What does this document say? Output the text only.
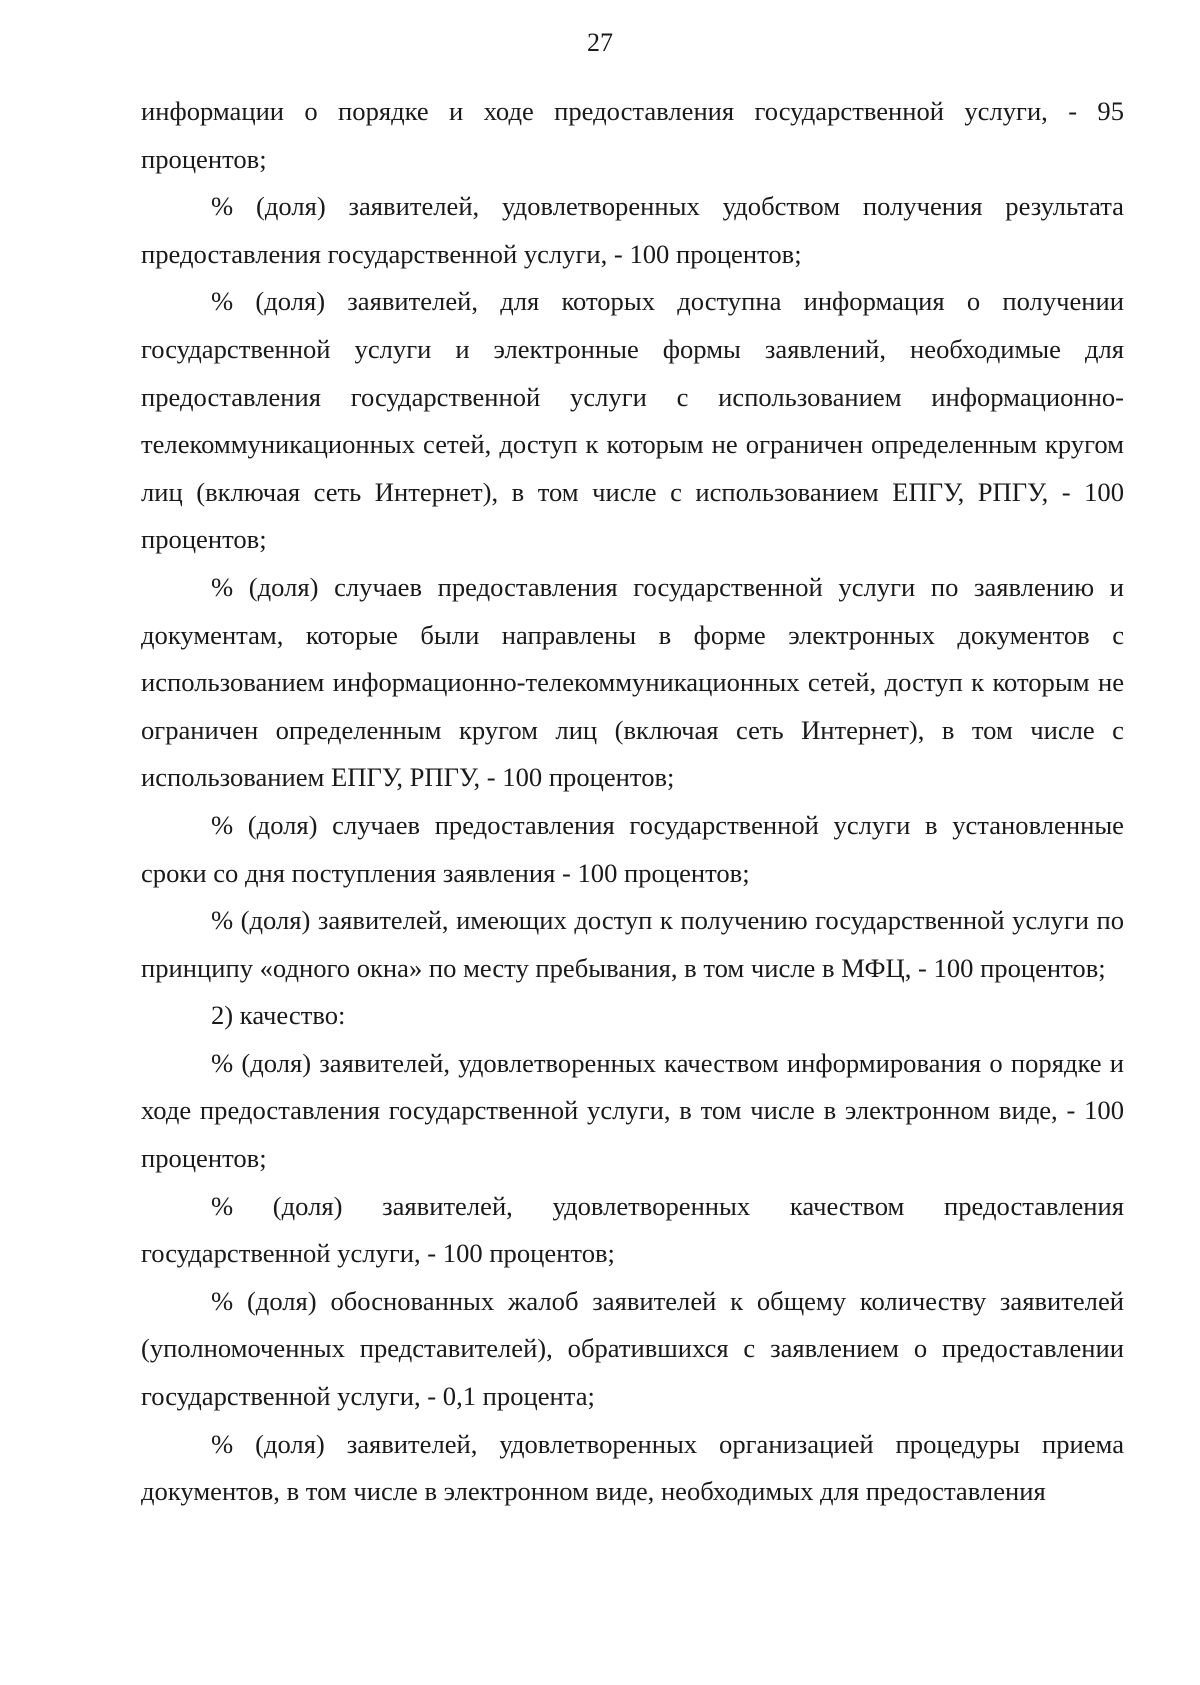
27

информации о порядке и ходе предоставления государственной услуги, - 95 процентов;

% (доля) заявителей, удовлетворенных удобством получения результата предоставления государственной услуги, - 100 процентов;

% (доля) заявителей, для которых доступна информация о получении государственной услуги и электронные формы заявлений, необходимые для предоставления государственной услуги с использованием информационно-телекоммуникационных сетей, доступ к которым не ограничен определенным кругом лиц (включая сеть Интернет), в том числе с использованием ЕПГУ, РПГУ, - 100 процентов;

% (доля) случаев предоставления государственной услуги по заявлению и документам, которые были направлены в форме электронных документов с использованием информационно-телекоммуникационных сетей, доступ к которым не ограничен определенным кругом лиц (включая сеть Интернет), в том числе с использованием ЕПГУ, РПГУ, - 100 процентов;

% (доля) случаев предоставления государственной услуги в установленные сроки со дня поступления заявления - 100 процентов;

% (доля) заявителей, имеющих доступ к получению государственной услуги по принципу «одного окна» по месту пребывания, в том числе в МФЦ, - 100 процентов;

2) качество:

% (доля) заявителей, удовлетворенных качеством информирования о порядке и ходе предоставления государственной услуги, в том числе в электронном виде, - 100 процентов;

% (доля) заявителей, удовлетворенных качеством предоставления государственной услуги, - 100 процентов;

% (доля) обоснованных жалоб заявителей к общему количеству заявителей (уполномоченных представителей), обратившихся с заявлением о предоставлении государственной услуги, - 0,1 процента;

% (доля) заявителей, удовлетворенных организацией процедуры приема документов, в том числе в электронном виде, необходимых для предоставления
